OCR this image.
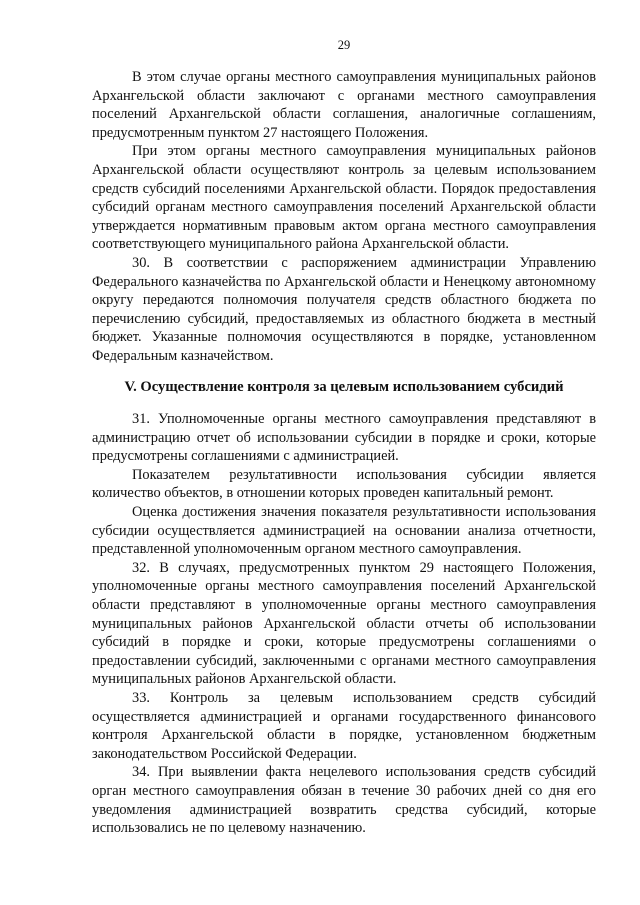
29

В этом случае органы местного самоуправления муниципальных районов Архангельской области заключают с органами местного самоуправления поселений Архангельской области соглашения, аналогичные соглашениям, предусмотренным пунктом 27 настоящего Положения.

При этом органы местного самоуправления муниципальных районов Архангельской области осуществляют контроль за целевым использованием средств субсидий поселениями Архангельской области. Порядок предоставления субсидий органам местного самоуправления поселений Архангельской области утверждается нормативным правовым актом органа местного самоуправления соответствующего муниципального района Архангельской области.

30. В соответствии с распоряжением администрации Управлению Федерального казначейства по Архангельской области и Ненецкому автономному округу передаются полномочия получателя средств областного бюджета по перечислению субсидий, предоставляемых из областного бюджета в местный бюджет. Указанные полномочия осуществляются в порядке, установленном Федеральным казначейством.

V. Осуществление контроля за целевым использованием субсидий

31. Уполномоченные органы местного самоуправления представляют в администрацию отчет об использовании субсидии в порядке и сроки, которые предусмотрены соглашениями с администрацией.

Показателем результативности использования субсидии является количество объектов, в отношении которых проведен капитальный ремонт.

Оценка достижения значения показателя результативности использования субсидии осуществляется администрацией на основании анализа отчетности, представленной уполномоченным органом местного самоуправления.

32. В случаях, предусмотренных пунктом 29 настоящего Положения, уполномоченные органы местного самоуправления поселений Архангельской области представляют в уполномоченные органы местного самоуправления муниципальных районов Архангельской области отчеты об использовании субсидий в порядке и сроки, которые предусмотрены соглашениями о предоставлении субсидий, заключенными с органами местного самоуправления муниципальных районов Архангельской области.

33. Контроль за целевым использованием средств субсидий осуществляется администрацией и органами государственного финансового контроля Архангельской области в порядке, установленном бюджетным законодательством Российской Федерации.

34. При выявлении факта нецелевого использования средств субсидий орган местного самоуправления обязан в течение 30 рабочих дней со дня его уведомления администрацией возвратить средства субсидий, которые использовались не по целевому назначению.
